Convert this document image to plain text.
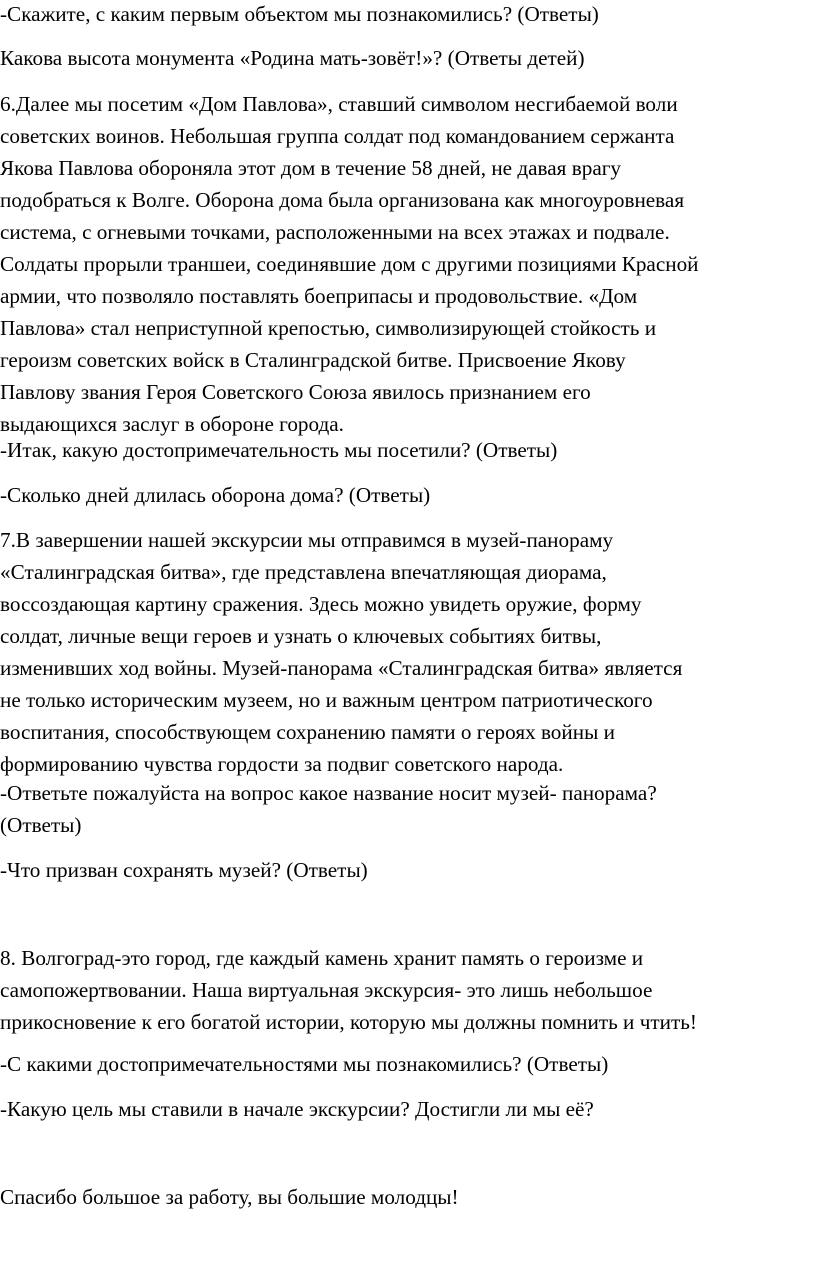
-Скажите, с каким первым объектом мы познакомились? (Ответы)

Какова высота монумента «Родина мать-зовёт!»? (Ответы детей)

6.Далее мы посетим «Дом Павлова», ставший символом несгибаемой воли
советских воинов. Небольшая группа солдат под командованием сержанта
Якова Павлова обороняла этот дом в течение 58 дней, не давая врагу
подобраться к Волге. Оборона дома была организована как многоуровневая
система, с огневыми точками, расположенными на всех этажах и подвале.
Солдаты прорыли траншеи, соединявшие дом с другими позициями Красной
армии, что позволяло поставлять боеприпасы и продовольствие. «Дом
Павлова» стал неприступной крепостью, символизирующей стойкость и
героизм советских войск в Сталинградской битве. Присвоение Якову
Павлову звания Героя Советского Союза явилось признанием его
выдающихся заслуг в обороне города.

-Итак, какую достопримечательность мы посетили? (Ответы)

-Сколько дней длилась оборона дома? (Ответы)

7.В завершении нашей экскурсии мы отправимся в музей-панораму
«Сталинградская битва», где представлена впечатляющая диорама,
воссоздающая картину сражения. Здесь можно увидеть оружие, форму
солдат, личные вещи героев и узнать о ключевых событиях битвы,
изменивших ход войны. Музей-панорама «Сталинградская битва» является
не только историческим музеем, но и важным центром патриотического
воспитания, способствующем сохранению памяти о героях войны и
формированию чувства гордости за подвиг советского народа.

-Ответьте пожалуйста на вопрос какое название носит музей- панорама?
(Ответы)

-Что призван сохранять музей? (Ответы)

8. Волгоград-это город, где каждый камень хранит память о героизме и
самопожертвовании. Наша виртуальная экскурсия- это лишь небольшое
прикосновение к его богатой истории, которую мы должны помнить и чтить!

-С какими достопримечательностями мы познакомились? (Ответы)

-Какую цель мы ставили в начале экскурсии? Достигли ли мы её?

Спасибо большое за работу, вы большие молодцы!
